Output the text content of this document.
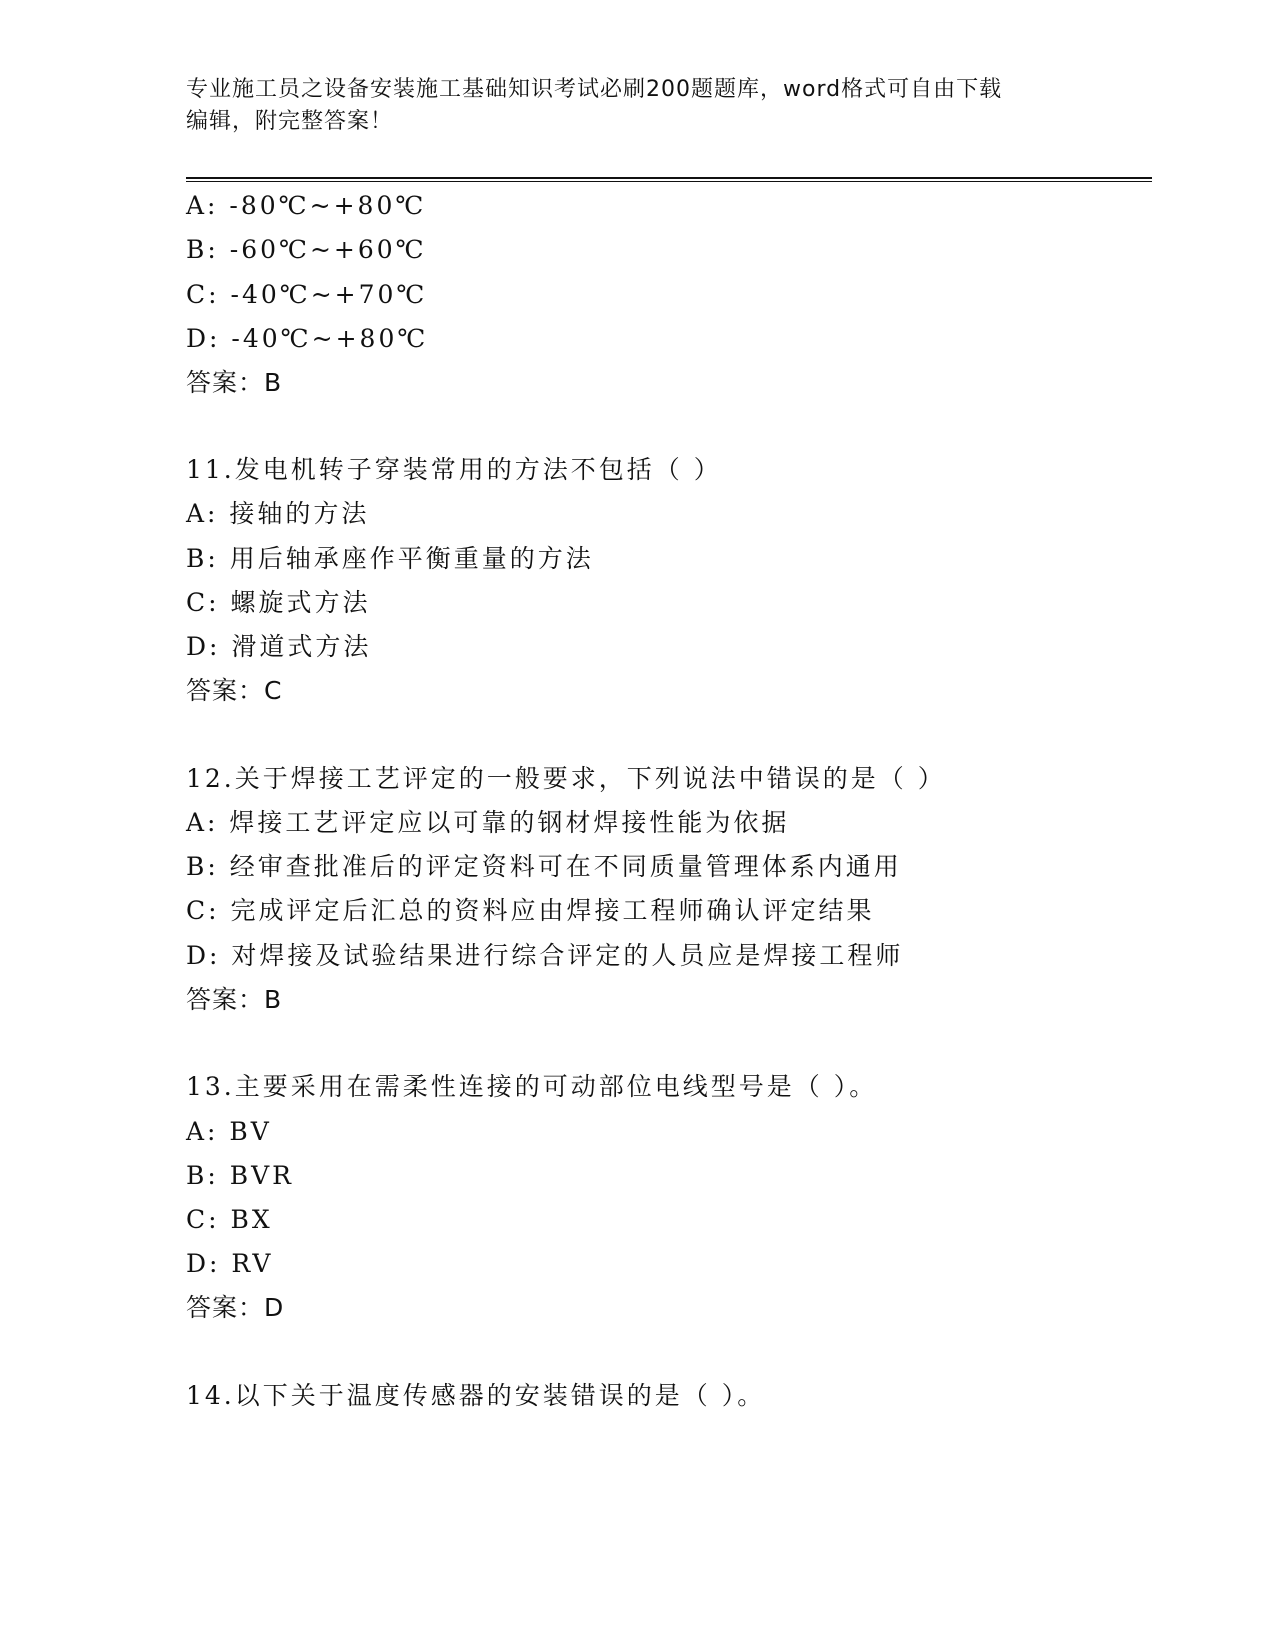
专业施工员之设备安装施工基础知识考试必刷200题题库，word格式可自由下载
编辑，附完整答案！
A: -80℃~+80℃
B: -60℃~+60℃
C: -40℃~+70℃
D: -40℃~+80℃
答案：B
11.发电机转子穿装常用的方法不包括（ ）
A: 接轴的方法
B: 用后轴承座作平衡重量的方法
C: 螺旋式方法
D: 滑道式方法
答案：C
12.关于焊接工艺评定的一般要求，下列说法中错误的是（ ）
A: 焊接工艺评定应以可靠的钢材焊接性能为依据
B: 经审查批准后的评定资料可在不同质量管理体系内通用
C: 完成评定后汇总的资料应由焊接工程师确认评定结果
D: 对焊接及试验结果进行综合评定的人员应是焊接工程师
答案：B
13.主要采用在需柔性连接的可动部位电线型号是（ ）。
A: BV
B: BVR
C: BX
D: RV
答案：D
14.以下关于温度传感器的安装错误的是（ ）。
